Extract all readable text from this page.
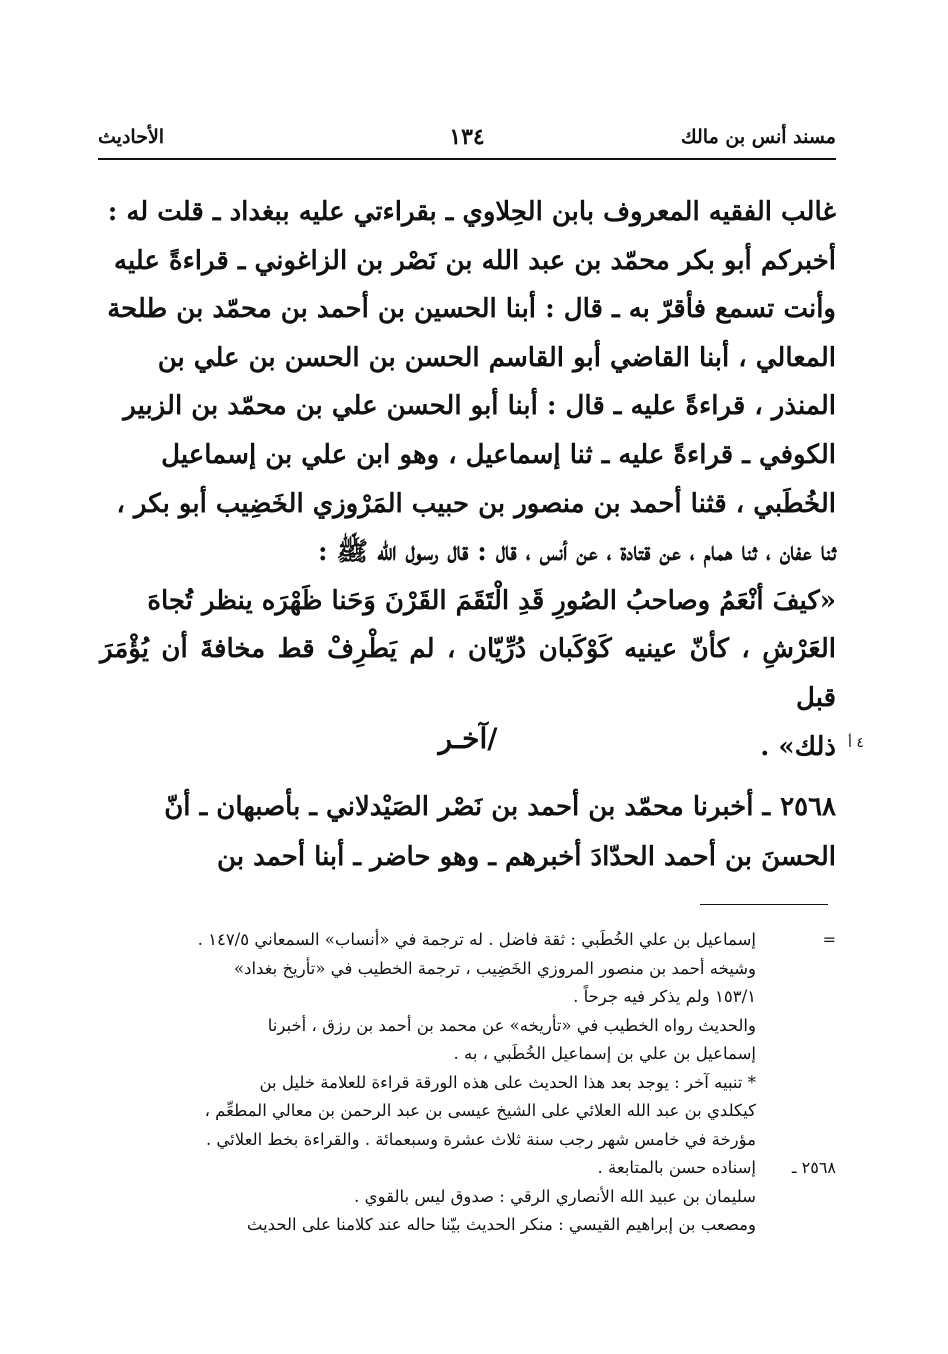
مسند أنس بن مالك
١٣٤
الأحاديث

غالب الفقيه المعروف بابن الحِلاوي ـ بقراءتي عليه ببغداد ـ قلت له :

أخبركم أبو بكر محمّد بن عبد الله بن نَصْر بن الزاغوني ـ قراءةً عليه

وأنت تسمع فأقرّ به ـ قال : أبنا الحسين بن أحمد بن محمّد بن طلحة

المعالي ، أبنا القاضي أبو القاسم الحسن بن الحسن بن علي بن

المنذر ، قراءةً عليه ـ قال : أبنا أبو الحسن علي بن محمّد بن الزبير

الكوفي ـ قراءةً عليه ـ ثنا إسماعيل ، وهو ابن علي بن إسماعيل

الخُطَبي ، قثنا أحمد بن منصور بن حبيب المَرْوزي الخَضِيب أبو بكر ،

ثنا عفان ، ثنا همام ، عن قتادة ، عن أنس ، قال : قال رسول الله ﷺ :

«كيفَ أنْعَمُ وصاحبُ الصُورِ قَدِ الْتَقَمَ القَرْنَ وَحَنا ظَهْرَه ينظر تُجاهَ

العَرْشِ ، كأنّ عينيه كَوْكَبان دُرِّيّان ، لم يَطْرِفْ قط مخافةَ أن يُؤْمَرَ قبل

ذلك» .

/آخـر	٤ أ
٢٥٦٨ـ أخبرنا محمّد بن أحمد بن نَصْر الصَيْدلاني ـ بأصبهان ـ أنّ
الحسنَ بن أحمد الحدّادَ أخبرهم ـ وهو حاضر ـ أبنا أحمد بن
=

إسماعيل بن علي الخُطَبي : ثقة فاضل . له ترجمة في «أنساب» السمعاني ١٤٧/٥ .

وشيخه أحمد بن منصور المروزي الخَضِيب ، ترجمة الخطيب في «تأريخ بغداد»

١٥٣/١ ولم يذكر فيه جرحاً .

والحديث رواه الخطيب في «تأريخه» عن محمد بن أحمد بن رزق ، أخبرنا

إسماعيل بن علي بن إسماعيل الخُطَبي ، به .

* تنبيه آخر : يوجد بعد هذا الحديث على هذه الورقة قراءة للعلامة خليل بن

كيكلدي بن عبد الله العلائي على الشيخ عيسى بن عبد الرحمن بن معالي المطعِّم ،

مؤرخة في خامس شهر رجب سنة ثلاث عشرة وسبعمائة . والقراءة بخط العلائي .

٢٥٦٨ ـ

إسناده حسن بالمتابعة .

سليمان بن عبيد الله الأنصاري الرقي : صدوق ليس بالقوي .

ومصعب بن إبراهيم القيسي : منكر الحديث بيّنا حاله عند كلامنا على الحديث
